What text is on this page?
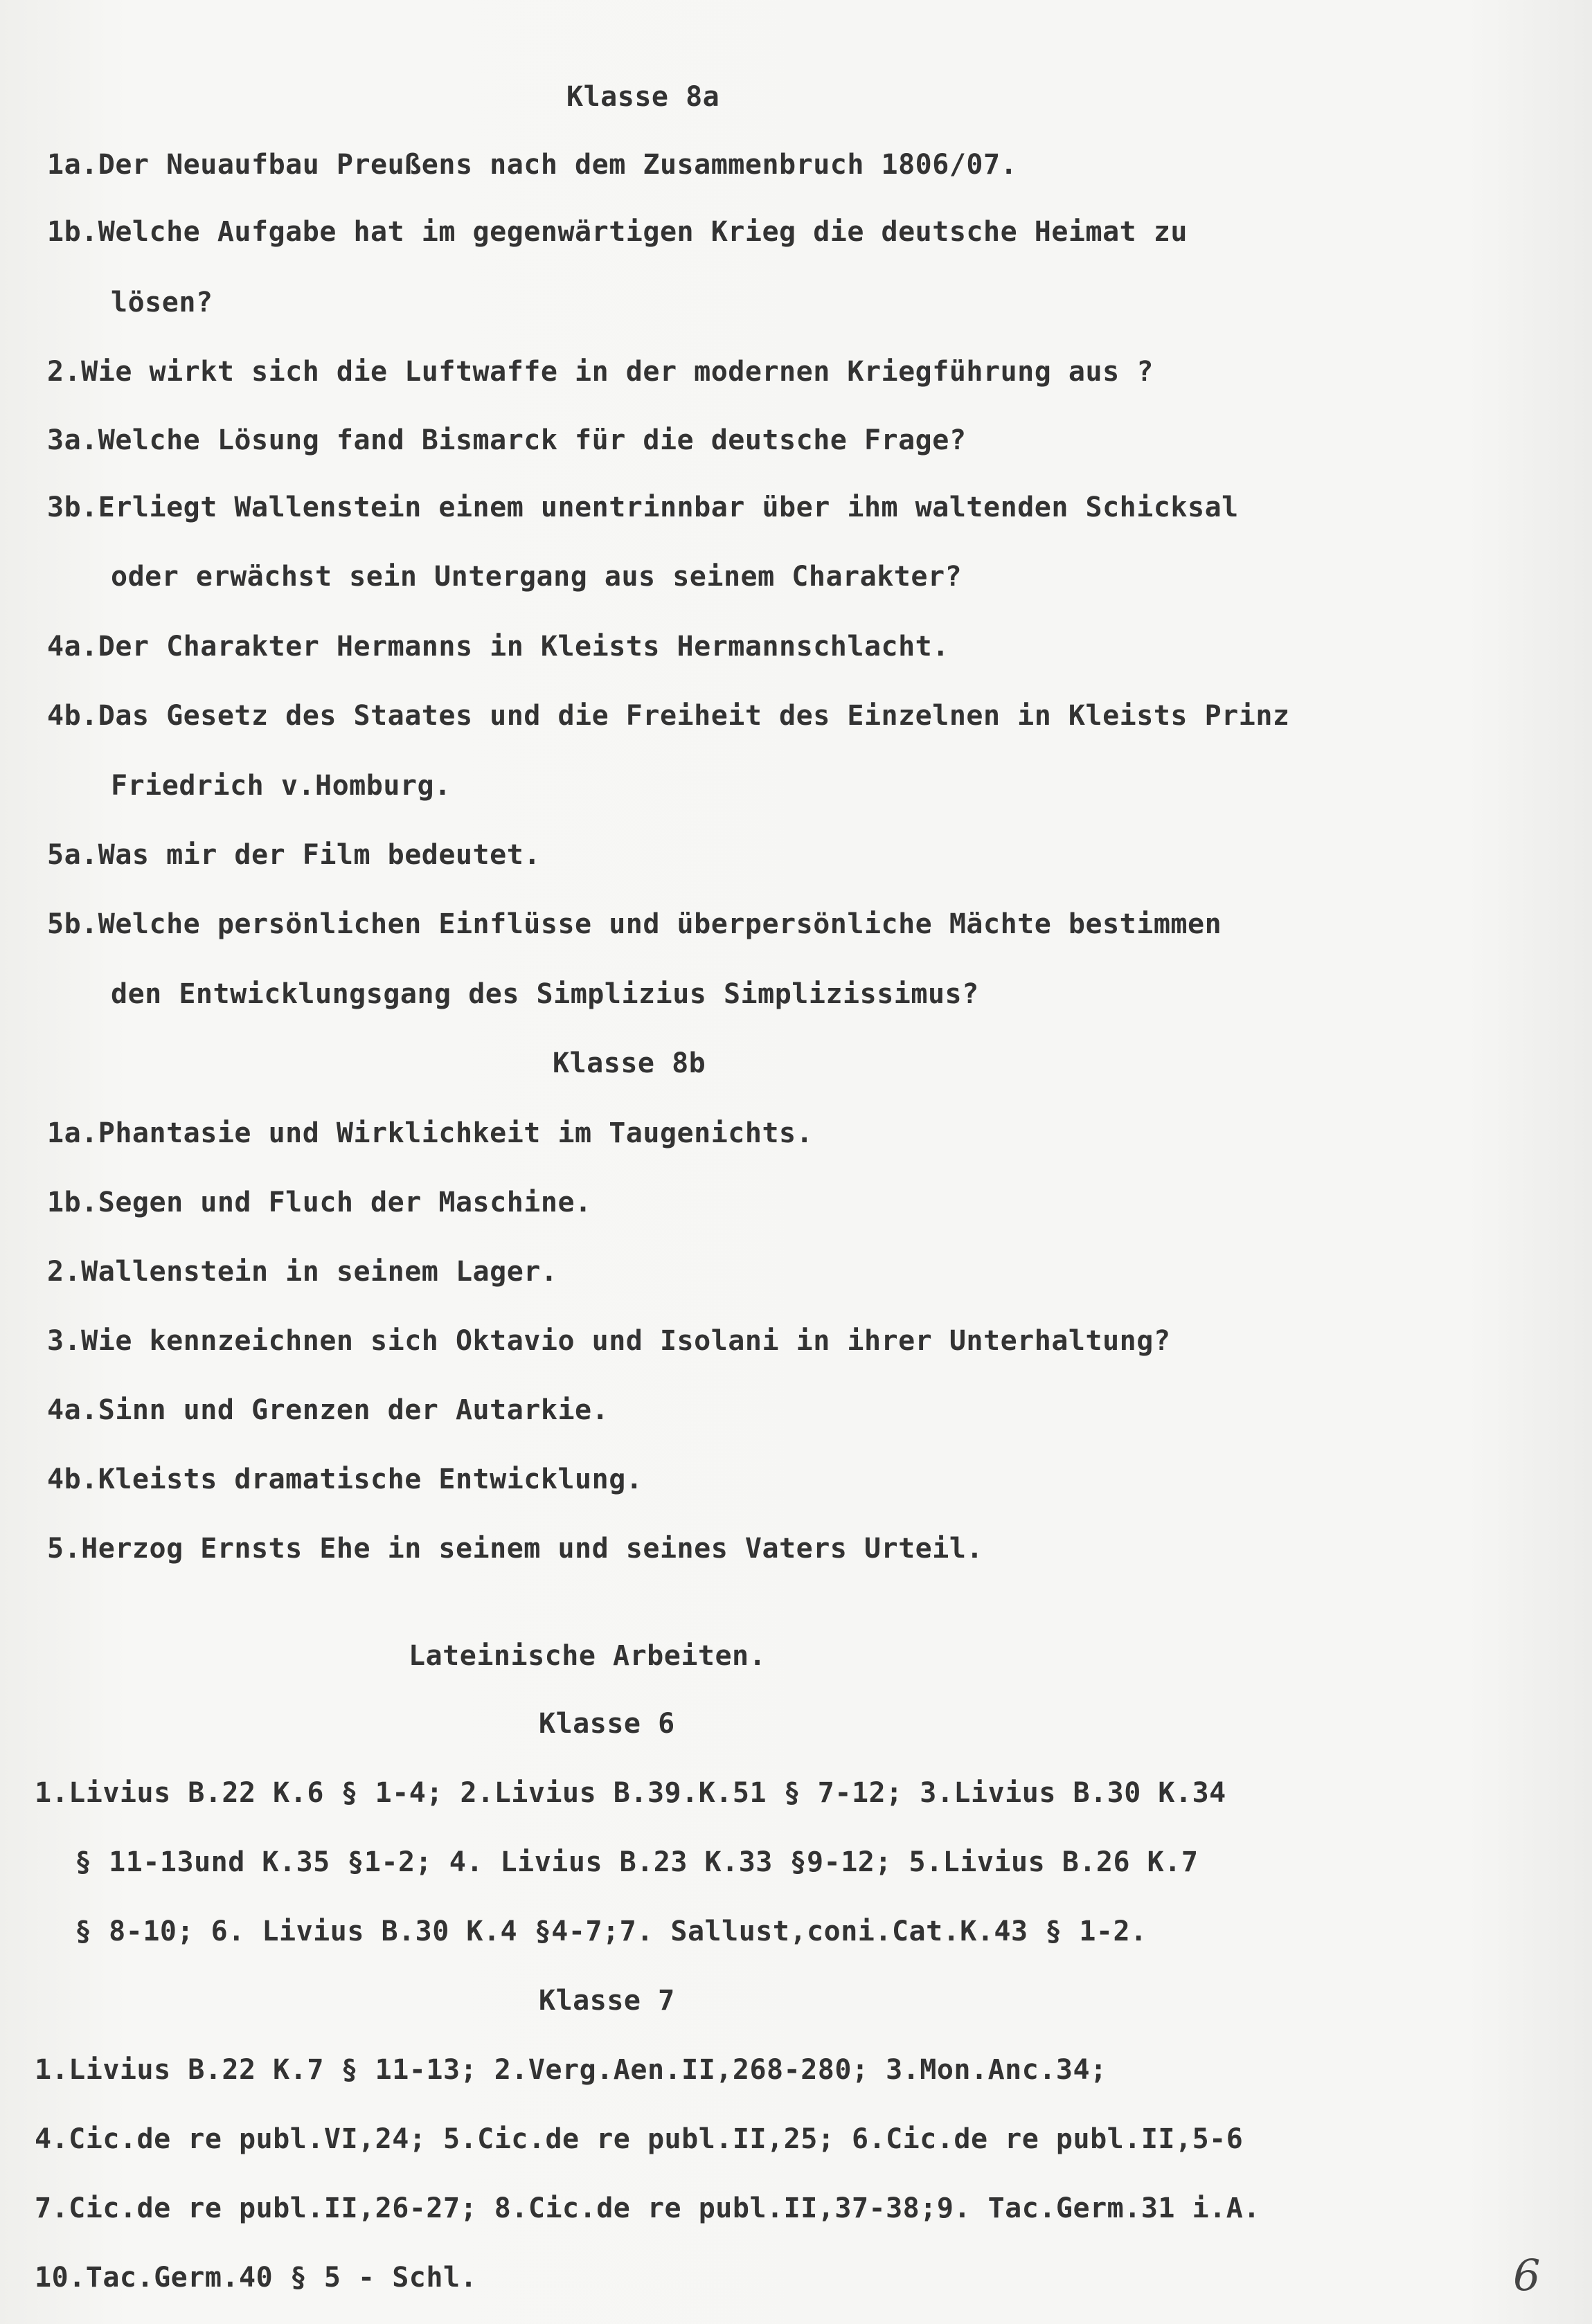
Klasse 8a
1a.Der Neuaufbau Preußens nach dem Zusammenbruch 1806/07.
1b.Welche Aufgabe hat im gegenwärtigen Krieg die deutsche Heimat zu
lösen?
2.Wie wirkt sich die Luftwaffe in der modernen Kriegführung aus ?
3a.Welche Lösung fand Bismarck für die deutsche Frage?
3b.Erliegt Wallenstein einem unentrinnbar über ihm waltenden Schicksal
oder erwächst sein Untergang aus seinem Charakter?
4a.Der Charakter Hermanns in Kleists Hermannschlacht.
4b.Das Gesetz des Staates und die Freiheit des Einzelnen in Kleists Prinz
Friedrich v.Homburg.
5a.Was mir der Film bedeutet.
5b.Welche persönlichen Einflüsse und überpersönliche Mächte bestimmen
den Entwicklungsgang des Simplizius Simplizissimus?
Klasse 8b
1a.Phantasie und Wirklichkeit im Taugenichts.
1b.Segen und Fluch der Maschine.
2.Wallenstein in seinem Lager.
3.Wie kennzeichnen sich Oktavio und Isolani in ihrer Unterhaltung?
4a.Sinn und Grenzen der Autarkie.
4b.Kleists dramatische Entwicklung.
5.Herzog Ernsts Ehe in seinem und seines Vaters Urteil.
Lateinische Arbeiten.
Klasse 6
1.Livius B.22 K.6 § 1-4; 2.Livius B.39.K.51 § 7-12; 3.Livius B.30 K.34
§ 11-13und K.35 §1-2; 4. Livius B.23 K.33 §9-12; 5.Livius B.26 K.7
§ 8-10; 6. Livius B.30 K.4 §4-7;7. Sallust,coni.Cat.K.43 § 1-2.
Klasse 7
1.Livius B.22 K.7 § 11-13; 2.Verg.Aen.II,268-280; 3.Mon.Anc.34;
4.Cic.de re publ.VI,24; 5.Cic.de re publ.II,25; 6.Cic.de re publ.II,5-6
7.Cic.de re publ.II,26-27; 8.Cic.de re publ.II,37-38;9. Tac.Germ.31 i.A.
10.Tac.Germ.40 § 5 - Schl.	6
